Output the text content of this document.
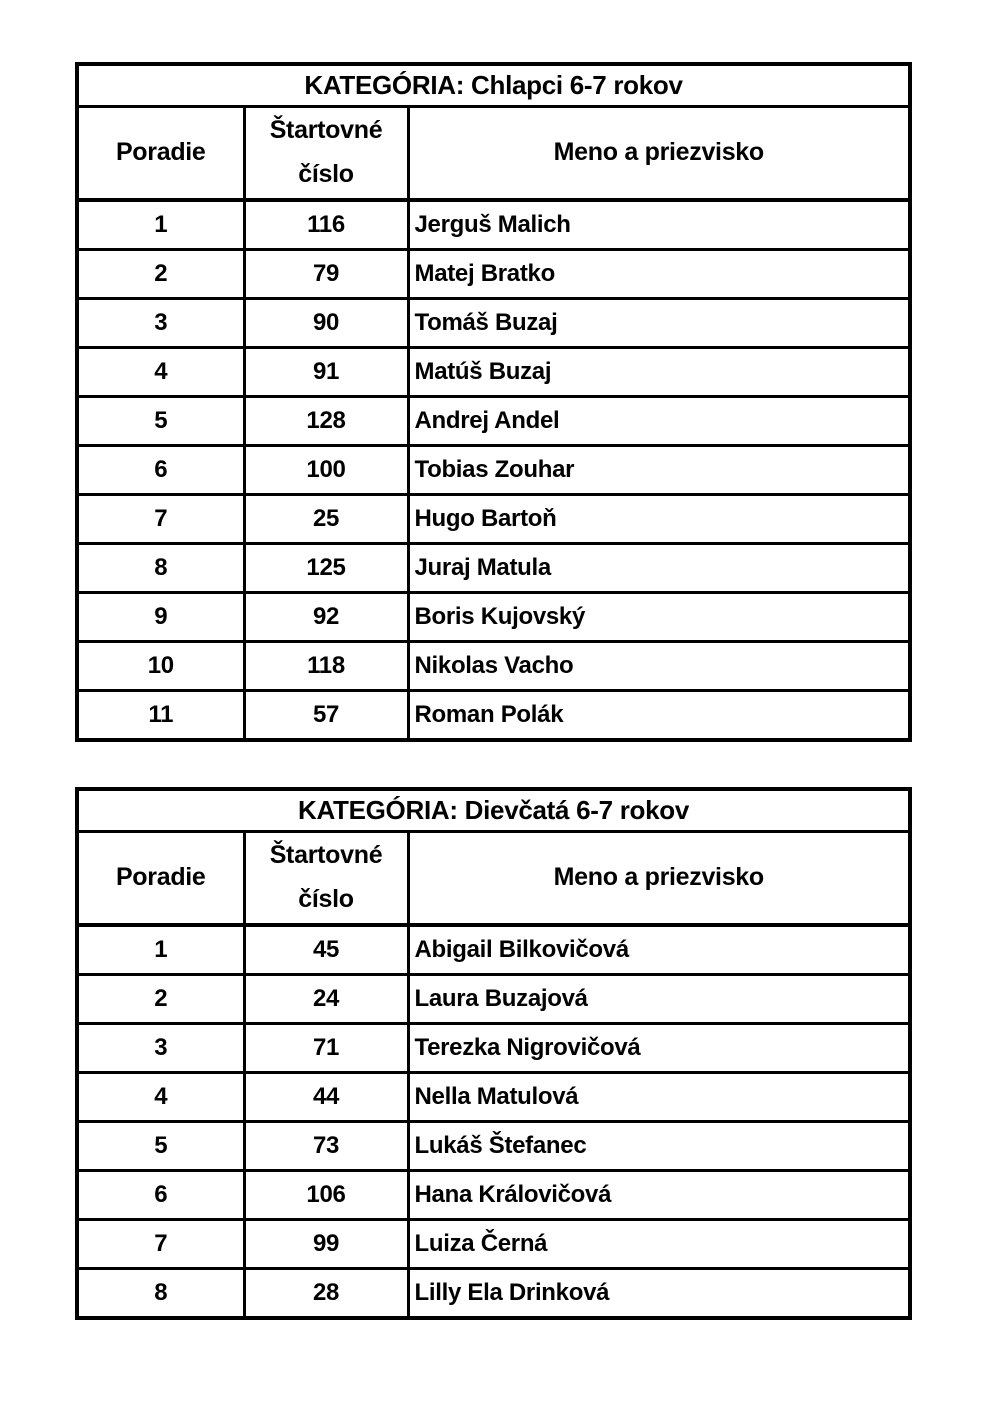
KATEGÓRIA: Chlapci 6-7 rokov		
Poradie	Štartovné číslo	Meno a priezvisko
1	116	Jerguš Malich
2	79	Matej Bratko
3	90	Tomáš Buzaj
4	91	Matúš Buzaj
5	128	Andrej Andel
6	100	Tobias Zouhar
7	25	Hugo Bartoň
8	125	Juraj Matula
9	92	Boris Kujovský
10	118	Nikolas Vacho
11	57	Roman Polák
KATEGÓRIA: Dievčatá 6-7 rokov		
Poradie	Štartovné číslo	Meno a priezvisko
1	45	Abigail Bilkovičová
2	24	Laura Buzajová
3	71	Terezka Nigrovičová
4	44	Nella Matulová
5	73	Lukáš Štefanec
6	106	Hana Královičová
7	99	Luiza Černá
8	28	Lilly Ela Drinková
